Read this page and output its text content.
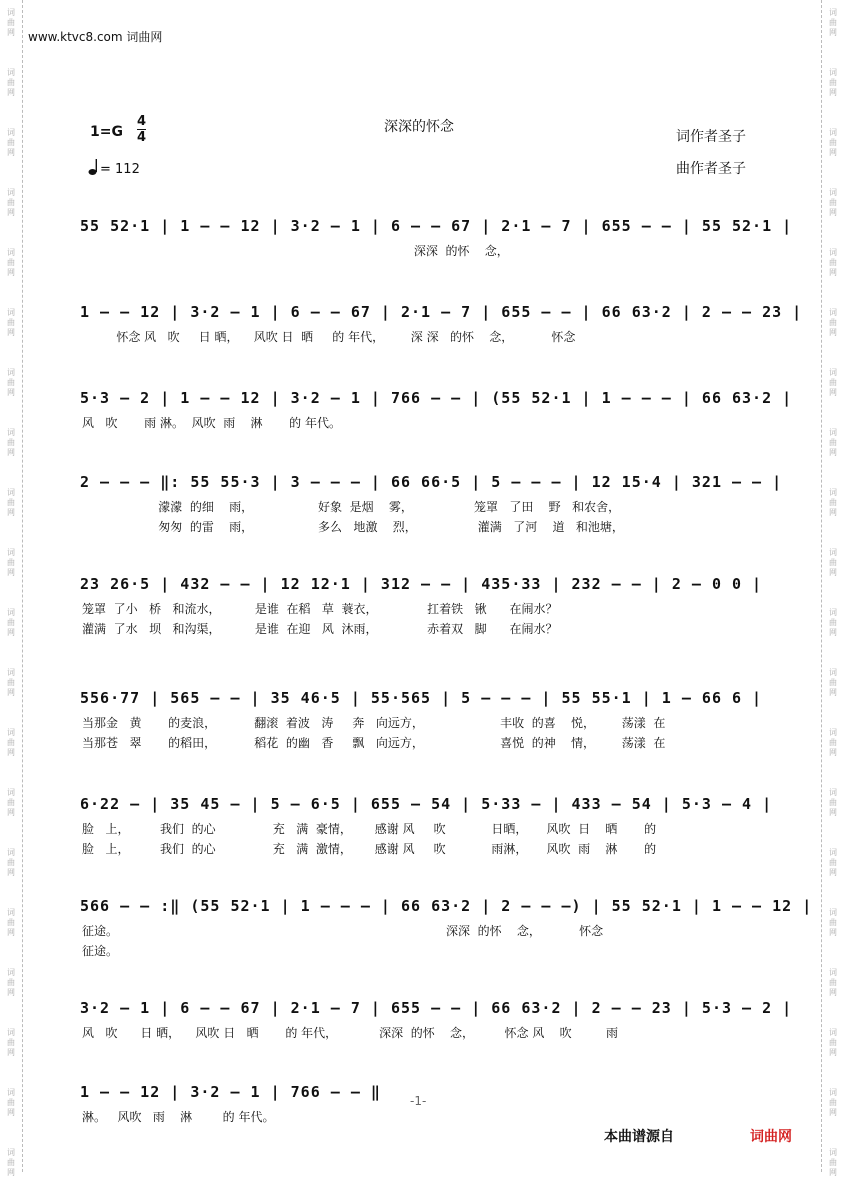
词
曲
网
词
曲
网
词
曲
网
词
曲
网
词
曲
网
词
曲
网
词
曲
网
词
曲
网
词
曲
网
词
曲
网
词
曲
网
词
曲
网
词
曲
网
词
曲
网
词
曲
网
词
曲
网
词
曲
网
词
曲
网
词
曲
网
词
曲
网
词
曲
网
词
曲
网
词
曲
网
词
曲
网
词
曲
网
词
曲
网
词
曲
网
词
曲
网
词
曲
网
词
曲
网
词
曲
网
词
曲
网
词
曲
网
词
曲
网
词
曲
网
词
曲
网
词
曲
网
词
曲
网
词
曲
网
词
曲
网
www.ktvc8.com 词曲网
深深的怀念
$1=G \frac{4}{4}$
= 112
词作者圣子
曲作者圣子
55 52·1 | 1 — — 12 | 3·2 — 1 | 6 — — 67 | 2·1 — 7 | 655 — — | 55 52·1 |
深深  的怀    念，
1 — — 12 | 3·2 — 1 | 6 — — 67 | 2·1 — 7 | 655 — — | 66 63·2 | 2 — — 23 |
怀念 风   吹     日 晒，    风吹 日  晒     的 年代，       深 深   的怀    念，          怀念
5·3 — 2 | 1 — — 12 | 3·2 — 1 | 766 — — | (55 52·1 | 1 — — — | 66 63·2 |
风   吹       雨 淋。  风吹  雨    淋       的 年代。
2 — — — ‖: 55 55·3 | 3 — — — | 66 66·5 | 5 — — — | 12 15·4 | 321 — — |
濛濛  的细    雨，                 好象  是烟    雾，                笼罩   了田    野   和农舍，
匆匆  的雷    雨，                 多么   地激    烈，                灌满   了河    道   和池塘，
23 26·5 | 432 — — | 12 12·1 | 312 — — | 435·33 | 232 — — | 2 — 0 0 |
笼罩  了小   桥   和流水，         是谁  在稻   草  蓑衣，             扛着铁   锹      在闹水？
灌满  了水   坝   和沟渠，         是谁  在迎   风  沐雨，             赤着双   脚      在闹水？
556·77 | 565 — — | 35 46·5 | 55·565 | 5 — — — | 55 55·1 | 1 — 66 6 |
当那金   黄       的麦浪，          翻滚  着波   涛     奔   向远方，                    丰收  的喜    悦，       荡漾  在
当那苍   翠       的稻田，          稻花  的幽   香     飘   向远方，                    喜悦  的神    情，       荡漾  在
6·22 — | 35 45 — | 5 — 6·5 | 655 — 54 | 5·33 — | 433 — 54 | 5·3 — 4 |
脸   上，        我们  的心               充   满  豪情，      感谢 风     吹            日晒，     风吹  日    晒       的
脸   上，        我们  的心               充   满  激情，      感谢 风     吹            雨淋，     风吹  雨    淋       的
566 — — :‖ (55 52·1 | 1 — — — | 66 63·2 | 2 — — —) | 55 52·1 | 1 — — 12 |
征途。                                                                                      深深  的怀    念，          怀念
征途。
3·2 — 1 | 6 — — 67 | 2·1 — 7 | 655 — — | 66 63·2 | 2 — — 23 | 5·3 — 2 |
风   吹      日 晒，    风吹 日   晒       的 年代，           深深  的怀    念，        怀念 风    吹         雨
1 — — 12 | 3·2 — 1 | 766 — — ‖
淋。   风吹   雨    淋        的 年代。
-1-
本曲谱源自	词曲网
